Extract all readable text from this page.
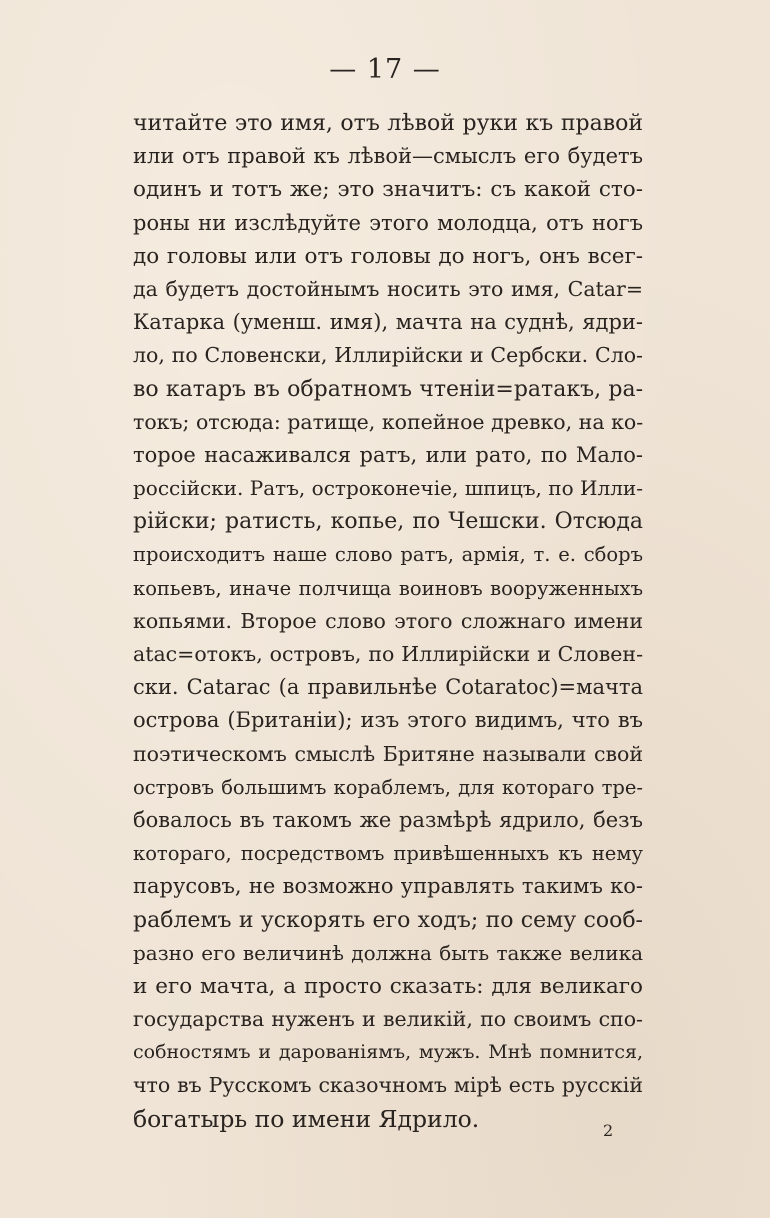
— 17 —
читайте это имя, отъ лѣвой руки къ правой
или отъ правой къ лѣвой—смыслъ его будетъ
одинъ и тотъ же; это значитъ: съ какой сто-
роны ни изслѣдуйте этого молодца, отъ ногъ
до головы или отъ головы до ногъ, онъ всег-
да будетъ достойнымъ носить это имя, Catar=
Катарка (уменш. имя), мачта на суднѣ, ядри-
ло, по Словенски, Иллирійски и Сербски. Сло-
во катаръ въ обратномъ чтеніи=ратакъ, ра-
токъ; отсюда: ратище, копейное древко, на ко-
торое насаживался ратъ, или рато, по Мало-
россійски. Ратъ, остроконечіе, шпицъ, по Илли-
рійски; ратисть, копье, по Чешски. Отсюда
происходитъ наше слово ратъ, армія, т. е. сборъ
копьевъ, иначе полчища воиновъ вооруженныхъ
копьями. Второе слово этого сложнаго имени
atac=отокъ, островъ, по Иллирійски и Словен-
ски. Catarac (а правильнѣе Cotaratoc)=мачта
острова (Британіи); изъ этого видимъ, что въ
поэтическомъ смыслѣ Бритяне называли свой
островъ большимъ кораблемъ, для котораго тре-
бовалось въ такомъ же размѣрѣ ядрило, безъ
котораго, посредствомъ привѣшенныхъ къ нему
парусовъ, не возможно управлять такимъ ко-
раблемъ и ускорять его ходъ; по сему сооб-
разно его величинѣ должна быть также велика
и его мачта, а просто сказать: для великаго
государства нуженъ и великій, по своимъ спо-
собностямъ и дарованіямъ, мужъ. Мнѣ помнится,
что въ Русскомъ сказочномъ мірѣ есть русскій
богатырь по имени Ядрило.	2
